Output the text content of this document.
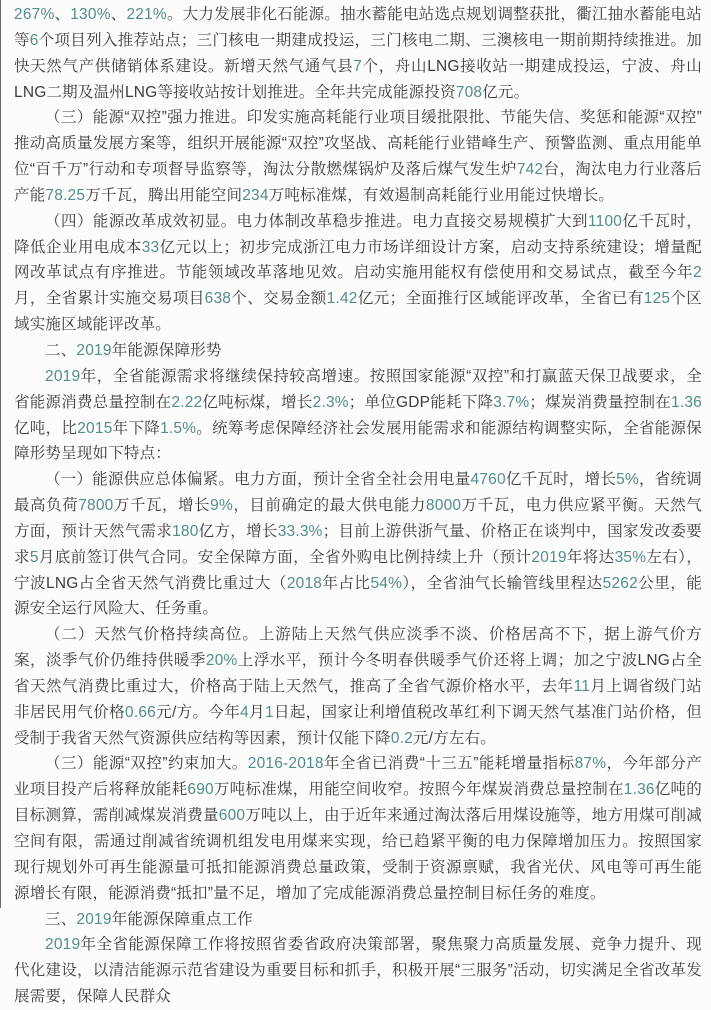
267%、130%、221%。大力发展非化石能源。抽水蓄能电站选点规划调整获批，衢江抽水蓄能电站等6个项目列入推荐站点；三门核电一期建成投运，三门核电二期、三澳核电一期前期持续推进。加快天然气产供储销体系建设。新增天然气通气县7个，舟山LNG接收站一期建成投运，宁波、舟山LNG二期及温州LNG等接收站按计划推进。全年共完成能源投资708亿元。

（三）能源“双控”强力推进。印发实施高耗能行业项目缓批限批、节能失信、奖惩和能源“双控”推动高质量发展方案等，组织开展能源“双控”攻坚战、高耗能行业错峰生产、预警监测、重点用能单位“百千万”行动和专项督导监察等，淘汰分散燃煤锅炉及落后煤气发生炉742台，淘汰电力行业落后产能78.25万千瓦，腾出用能空间234万吨标准煤，有效遏制高耗能行业用能过快增长。

（四）能源改革成效初显。电力体制改革稳步推进。电力直接交易规模扩大到1100亿千瓦时，降低企业用电成本33亿元以上；初步完成浙江电力市场详细设计方案，启动支持系统建设；增量配网改革试点有序推进。节能领域改革落地见效。启动实施用能权有偿使用和交易试点，截至今年2月，全省累计实施交易项目638个、交易金额1.42亿元；全面推行区域能评改革，全省已有125个区域实施区域能评改革。

二、2019年能源保障形势

2019年，全省能源需求将继续保持较高增速。按照国家能源“双控”和打赢蓝天保卫战要求，全省能源消费总量控制在2.22亿吨标煤，增长2.3%；单位GDP能耗下降3.7%；煤炭消费量控制在1.36亿吨，比2015年下降1.5%。统筹考虑保障经济社会发展用能需求和能源结构调整实际，全省能源保障形势呈现如下特点：

（一）能源供应总体偏紧。电力方面，预计全省全社会用电量4760亿千瓦时，增长5%，省统调最高负荷7800万千瓦，增长9%，目前确定的最大供电能力8000万千瓦，电力供应紧平衡。天然气方面，预计天然气需求180亿方，增长33.3%；目前上游供浙气量、价格正在谈判中，国家发改委要求5月底前签订供气合同。安全保障方面，全省外购电比例持续上升（预计2019年将达35%左右），宁波LNG占全省天然气消费比重过大（2018年占比54%），全省油气长输管线里程达5262公里，能源安全运行风险大、任务重。

（二）天然气价格持续高位。上游陆上天然气供应淡季不淡、价格居高不下，据上游气价方案，淡季气价仍维持供暖季20%上浮水平，预计今冬明春供暖季气价还将上调；加之宁波LNG占全省天然气消费比重过大，价格高于陆上天然气，推高了全省气源价格水平，去年11月上调省级门站非居民用气价格0.66元/方。今年4月1日起，国家让利增值税改革红利下调天然气基准门站价格，但受制于我省天然气资源供应结构等因素，预计仅能下降0.2元/方左右。

（三）能源“双控”约束加大。2016-2018年全省已消费“十三五”能耗增量指标87%，今年部分产业项目投产后将释放能耗690万吨标准煤，用能空间收窄。按照今年煤炭消费总量控制在1.36亿吨的目标测算，需削减煤炭消费量600万吨以上，由于近年来通过淘汰落后用煤设施等，地方用煤可削减空间有限，需通过削减省统调机组发电用煤来实现，给已趋紧平衡的电力保障增加压力。按照国家现行规划外可再生能源量可抵扣能源消费总量政策，受制于资源禀赋，我省光伏、风电等可再生能源增长有限，能源消费“抵扣”量不足，增加了完成能源消费总量控制目标任务的难度。

三、2019年能源保障重点工作

2019年全省能源保障工作将按照省委省政府决策部署，聚焦聚力高质量发展、竞争力提升、现代化建设，以清洁能源示范省建设为重要目标和抓手，积极开展“三服务”活动，切实满足全省改革发展需要，保障人民群众
